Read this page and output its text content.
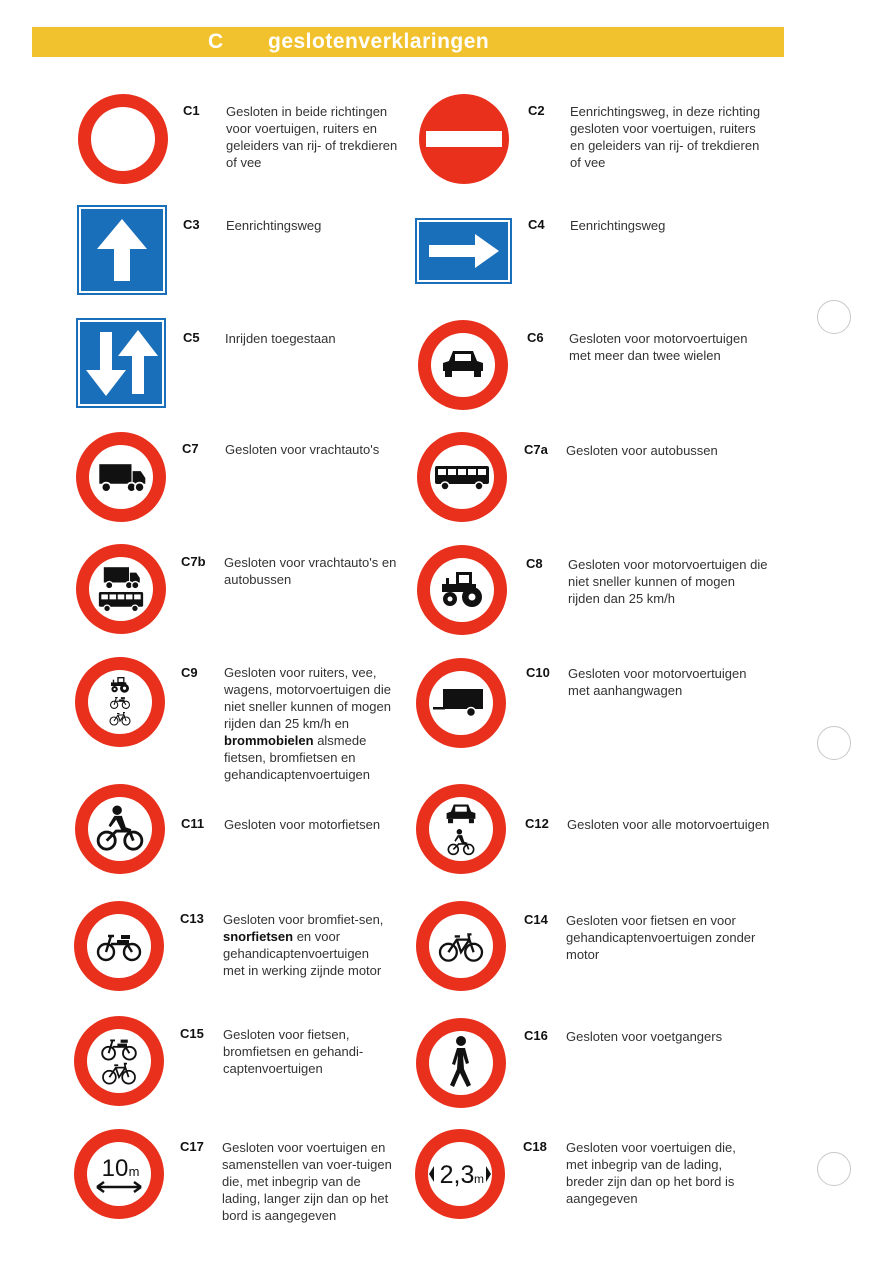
C geslotenverklaringen
C1 Gesloten in beide richtingen voor voertuigen, ruiters en geleiders van rij- of trekdieren of vee
C2 Eenrichtingsweg, in deze richting gesloten voor voertuigen, ruiters en geleiders van rij- of trekdieren of vee
C3 Eenrichtingsweg	C4 Eenrichtingsweg
C5 Inrijden toegestaan	C6 Gesloten voor motorvoertuigen met meer dan twee wielen
C7 Gesloten voor vrachtauto's	C7a Gesloten voor autobussen
C7b Gesloten voor vrachtauto's en autobussen
C8 Gesloten voor motorvoertuigen die niet sneller kunnen of mogen rijden dan 25 km/h
C9 Gesloten voor ruiters, vee, wagens, motorvoertuigen die niet sneller kunnen of mogen rijden dan 25 km/h en brommobielen alsmede fietsen, bromfietsen en gehandicaptenvoertuigen
C10 Gesloten voor motorvoertuigen met aanhangwagen
C11 Gesloten voor motorfietsen	C12 Gesloten voor alle motorvoertuigen
C13 Gesloten voor bromfiet-sen, snorfietsen en voor gehandicaptenvoertuigen met in werking zijnde motor
C14 Gesloten voor fietsen en voor gehandicaptenvoertuigen zonder motor
C15 Gesloten voor fietsen, bromfietsen en gehandi-captenvoertuigen
C16 Gesloten voor voetgangers
10 m
C17 Gesloten voor voertuigen en samenstellen van voer-tuigen die, met inbegrip van de lading, langer zijn dan op het bord is aangegeven
2,3 m
C18 Gesloten voor voertuigen die, met inbegrip van de lading, breder zijn dan op het bord is aangegeven
